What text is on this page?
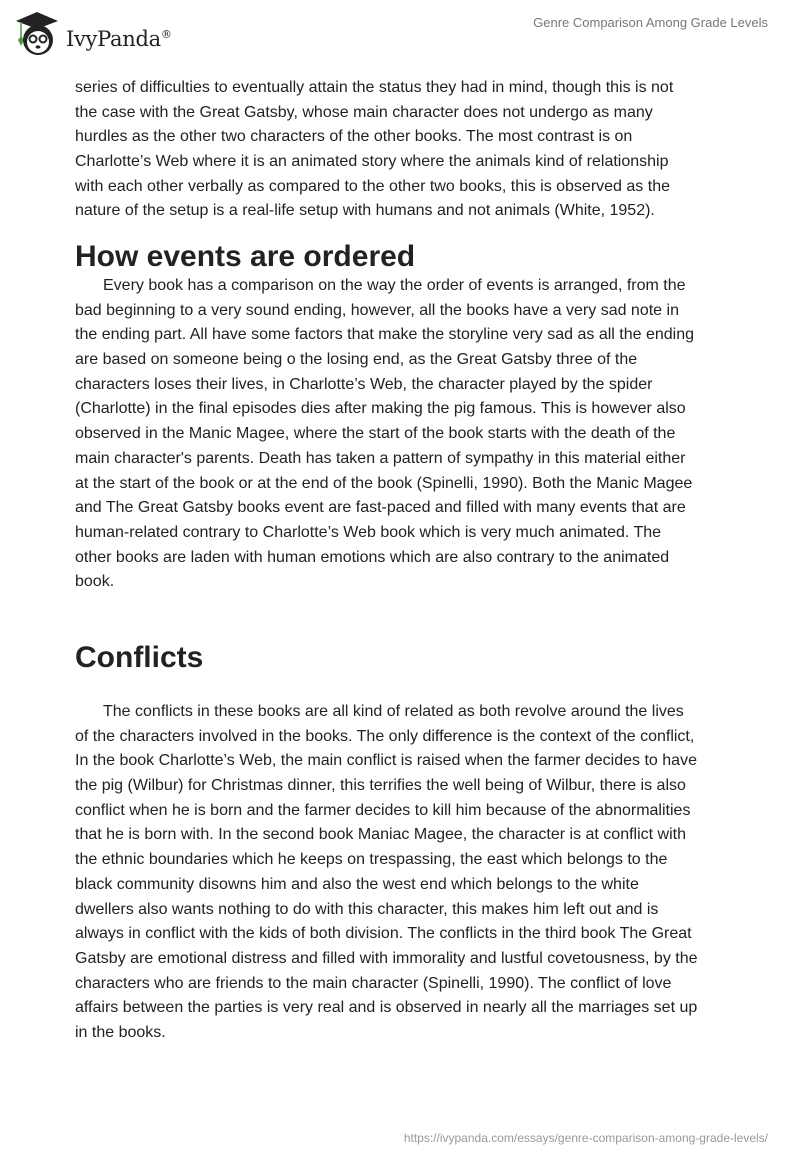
IvyPanda®
Genre Comparison Among Grade Levels
series of difficulties to eventually attain the status they had in mind, though this is not
the case with the Great Gatsby, whose main character does not undergo as many
hurdles as the other two characters of the other books. The most contrast is on
Charlotte’s Web where it is an animated story where the animals kind of relationship
with each other verbally as compared to the other two books, this is observed as the
nature of the setup is a real-life setup with humans and not animals (White, 1952).
How events are ordered
Every book has a comparison on the way the order of events is arranged, from the
bad beginning to a very sound ending, however, all the books have a very sad note in
the ending part. All have some factors that make the storyline very sad as all the ending
are based on someone being o the losing end, as the Great Gatsby three of the
characters loses their lives, in Charlotte’s Web, the character played by the spider
(Charlotte) in the final episodes dies after making the pig famous. This is however also
observed in the Manic Magee, where the start of the book starts with the death of the
main character's parents. Death has taken a pattern of sympathy in this material either
at the start of the book or at the end of the book (Spinelli, 1990). Both the Manic Magee
and The Great Gatsby books event are fast-paced and filled with many events that are
human-related contrary to Charlotte’s Web book which is very much animated. The
other books are laden with human emotions which are also contrary to the animated
book.
Conflicts
The conflicts in these books are all kind of related as both revolve around the lives
of the characters involved in the books. The only difference is the context of the conflict,
In the book Charlotte’s Web, the main conflict is raised when the farmer decides to have
the pig (Wilbur) for Christmas dinner, this terrifies the well being of Wilbur, there is also
conflict when he is born and the farmer decides to kill him because of the abnormalities
that he is born with. In the second book Maniac Magee, the character is at conflict with
the ethnic boundaries which he keeps on trespassing, the east which belongs to the
black community disowns him and also the west end which belongs to the white
dwellers also wants nothing to do with this character, this makes him left out and is
always in conflict with the kids of both division. The conflicts in the third book The Great
Gatsby are emotional distress and filled with immorality and lustful covetousness, by the
characters who are friends to the main character (Spinelli, 1990). The conflict of love
affairs between the parties is very real and is observed in nearly all the marriages set up
in the books.
https://ivypanda.com/essays/genre-comparison-among-grade-levels/
